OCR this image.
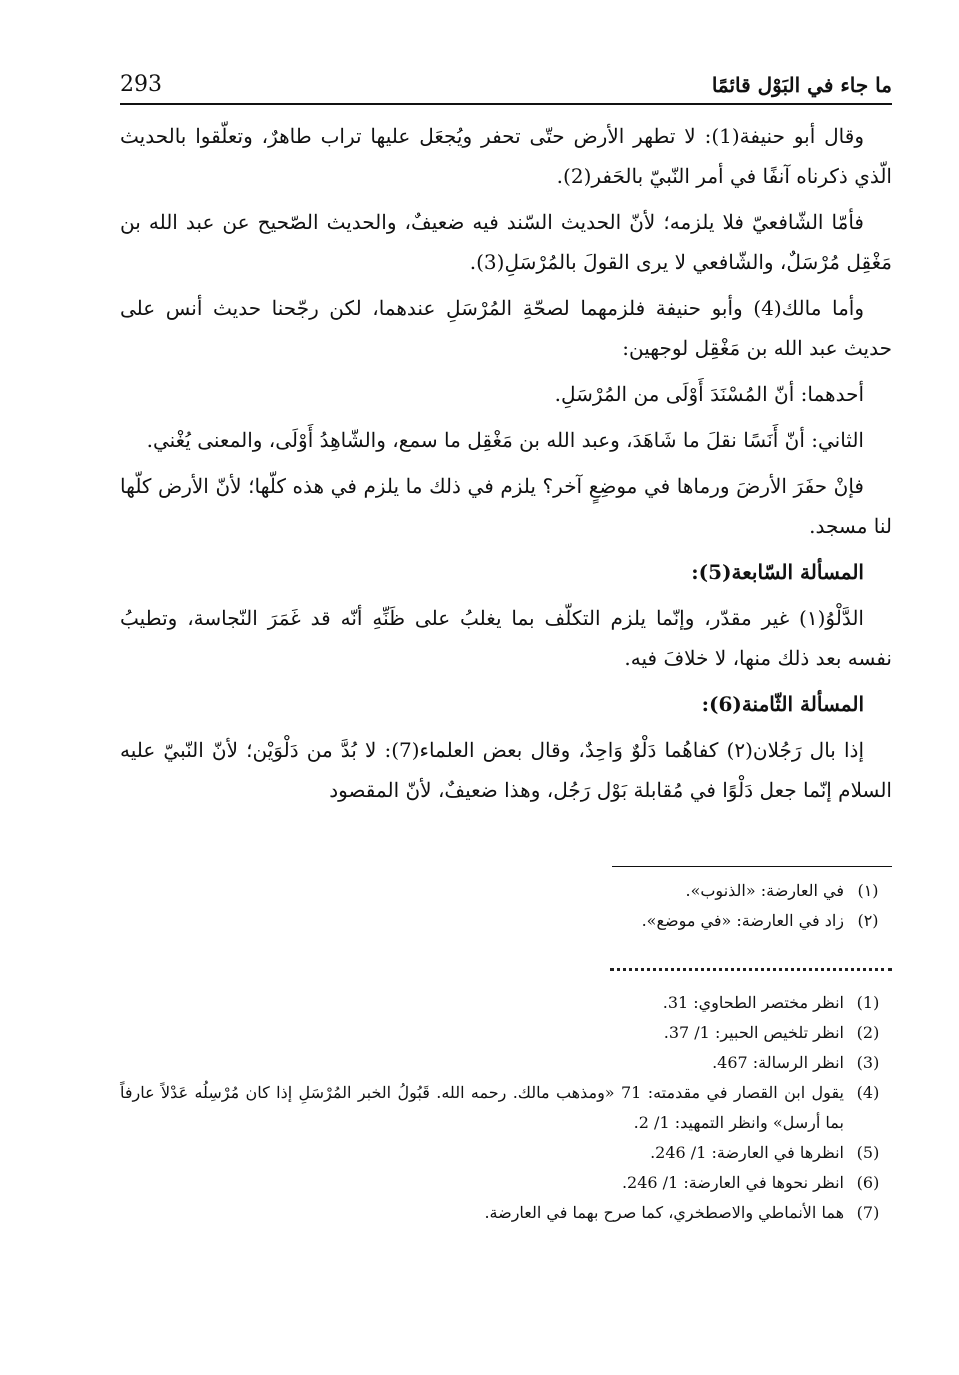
293	ما جاء في البَوْل قائمًا

وقال أبو حنيفة(1): لا تطهر الأرض حتّى تحفر ويُجعَل عليها تراب طاهرٌ، وتعلّقوا بالحديث الّذي ذكرناه آنفًا في أمر النّبيّ بالحَفر(2).

فأمّا الشّافعيّ فلا يلزمه؛ لأنّ الحديث السّند فيه ضعيفٌ، والحديث الصّحيح عن عبد الله بن مَغْقِل مُرْسَلٌ، والشّافعي لا يرى القولَ بالمُرْسَلِ(3).

وأما مالك(4) وأبو حنيفة فلزمهما لصحّةِ المُرْسَلِ عندهما، لكن رجّحنا حديث أنس على حديث عبد الله بن مَغْقِل لوجهين:

أحدهما: أنّ المُسْنَدَ أَوْلَى من المُرْسَلِ.

الثاني: أنّ أَنَسًا نقلَ ما شَاهَدَ، وعبد الله بن مَغْقِل ما سمع، والشّاهِدُ أَوْلَى، والمعنى يُغْني.

فإنْ حفَرَ الأرضَ ورماها في موضِعٍ آخر؟ يلزم في ذلك ما يلزم في هذه كلّها؛ لأنّ الأرض كلّها لنا مسجد.

المسألة السّابعة(5):

الدَّلْوُ(١) غير مقدّر، وإنّما يلزم التكلّف بما يغلبُ على ظَنِّهِ أنّه قد غَمَرَ النّجاسة، وتطيبُ نفسه بعد ذلك منها، لا خلافَ فيه.

المسألة الثّامنة(6):

إذا بال رَجُلان(٢) كفاهُما دَلْوٌ وَاحِدٌ، وقال بعض العلماء(7): لا بُدَّ من دَلْوَيْن؛ لأنّ النّبيّ عليه السلام إنّما جعل دَلْوًا في مُقابلة بَوْل رَجُل، وهذا ضعيفٌ، لأنّ المقصود

(١)
في العارضة: «الذنوب».
(٢)
زاد في العارضة: «في موضع».
(1)
انظر مختصر الطحاوي: 31.
(2)
انظر تلخيص الحبير: 1/ 37.
(3)
انظر الرسالة: 467.
(4)
يقول ابن القصار في مقدمته: 71 «ومذهب مالك. رحمه الله. قَبُولُ الخبر المُرْسَلِ إذا كان مُرْسِلُه عَدْلاً عارفاً بما أرسل» وانظر التمهيد: 1/ 2.
(5)
انظرها في العارضة: 1/ 246.
(6)
انظر نحوها في العارضة: 1/ 246.
(7)
هما الأنماطي والاصطخري، كما صرح بهما في العارضة.
